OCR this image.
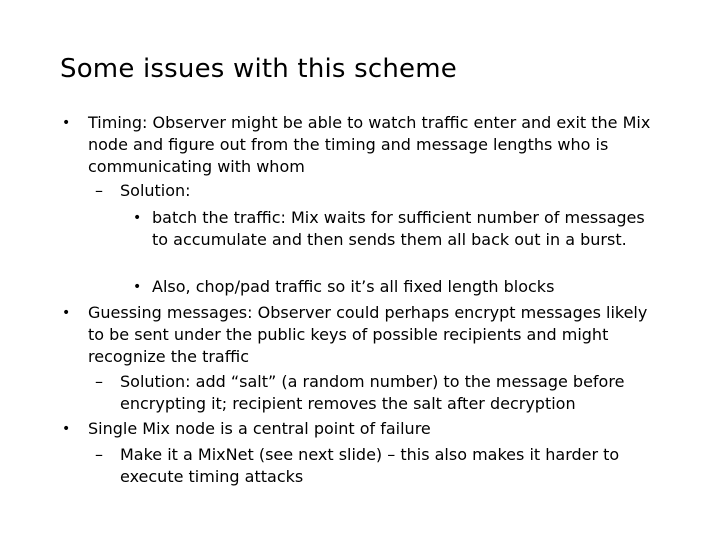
Some issues with this scheme
• Timing: Observer might be able to watch traffic enter and exit the Mix node and figure out from the timing and message lengths who is communicating with whom
– Solution:
• batch the traffic: Mix waits for sufficient number of messages to accumulate and then sends them all back out in a burst.
• Also, chop/pad traffic so it’s all fixed length blocks
• Guessing messages: Observer could perhaps encrypt messages likely to be sent under the public keys of possible recipients and might recognize the traffic
– Solution: add “salt” (a random number) to the message before encrypting it; recipient removes the salt after decryption
• Single Mix node is a central point of failure
– Make it a MixNet (see next slide) – this also makes it harder to execute timing attacks
